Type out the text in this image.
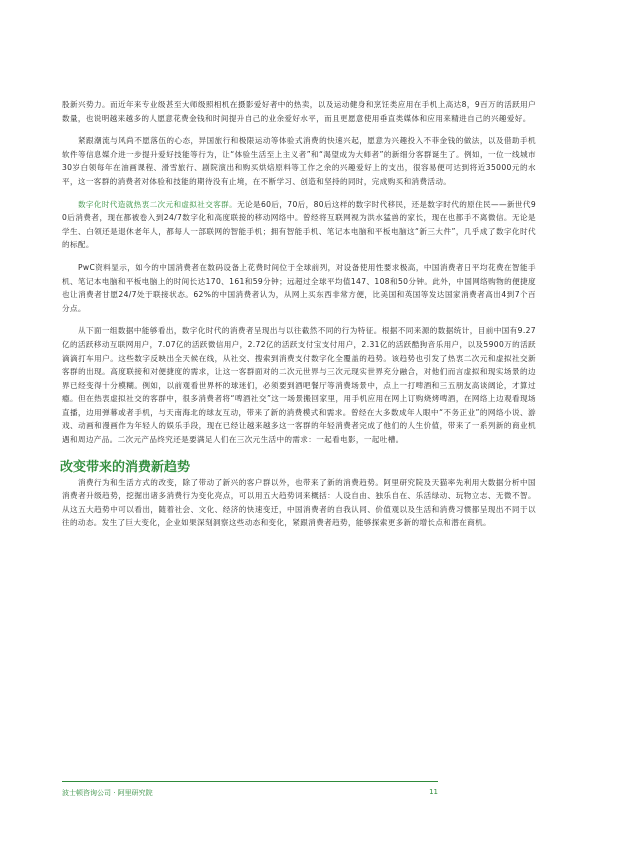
股新兴势力。而近年来专业级甚至大师级照相机在摄影爱好者中的热卖，以及运动健身和烹饪类应用在手机上高达8，9百万的活跃用户数量，也说明越来越多的人愿意花费金钱和时间提升自己的业余爱好水平，而且更愿意使用垂直类媒体和应用来精进自己的兴趣爱好。

紧跟潮流与风尚不愿落伍的心态，异国旅行和极限运动等体验式消费的快速兴起，愿意为兴趣投入不菲金钱的做法，以及借助手机软件等信息媒介进一步提升爱好技能等行为，让“体验生活至上主义者”和“渴望成为大师者”的新细分客群诞生了。例如，一位一线城市30岁白领每年在油画课程、滑雪旅行、剧院演出和购买烘焙原料等工作之余的兴趣爱好上的支出，很容易便可达到将近35000元的水平，这一客群的消费者对体验和技能的期待没有止境，在不断学习、创造和坚持的同时，完成购买和消费活动。

数字化时代造就热衷二次元和虚拟社交客群。无论是60后，70后，80后这样的数字时代移民，还是数字时代的原住民——新世代90后消费者，现在都被卷入到24/7数字化和高度联接的移动网络中。曾经将互联网视为洪水猛兽的家长，现在也都手不离微信。无论是学生、白领还是退休老年人，都每人一部联网的智能手机；拥有智能手机、笔记本电脑和平板电脑这“新三大件”，几乎成了数字化时代的标配。

PwC资料显示，如今的中国消费者在数码设备上花费时间位于全球前列，对设备使用性要求极高，中国消费者日平均花费在智能手机、笔记本电脑和平板电脑上的时间长达170、161和59分钟；远超过全球平均值147、108和50分钟。此外，中国网络购物的便捷度也让消费者甘愿24/7处于联接状态。62%的中国消费者认为，从网上买东西非常方便，比美国和英国等发达国家消费者高出4到7个百分点。

从下面一组数据中能够看出，数字化时代的消费者呈现出与以往截然不同的行为特征。根据不同来源的数据统计，目前中国有9.27亿的活跃移动互联网用户，7.07亿的活跃微信用户，2.72亿的活跃支付宝支付用户，2.31亿的活跃酷狗音乐用户，以及5900万的活跃滴滴打车用户。这些数字反映出全天候在线，从社交、搜索到消费支付数字化全覆盖的趋势。该趋势也引发了热衷二次元和虚拟社交新客群的出现。高度联接和对便捷度的需求，让这一客群面对的二次元世界与三次元现实世界充分融合，对他们而言虚拟和现实场景的边界已经变得十分模糊。例如，以前观看世界杯的球迷们，必须要到酒吧餐厅等消费场景中，点上一打啤酒和三五朋友高谈阔论，才算过瘾。但在热衷虚拟社交的客群中，很多消费者将“啤酒社交”这一场景搬回家里，用手机应用在网上订购烧烤啤酒，在网络上边观看现场直播，边用弹幕或者手机，与天南海北的球友互动，带来了新的消费模式和需求。曾经在大多数成年人眼中“不务正业”的网络小说、游戏、动画和漫画作为年轻人的娱乐手段，现在已经让越来越多这一客群的年轻消费者完成了他们的人生价值，带来了一系列新的商业机遇和周边产品。二次元产品终究还是要满足人们在三次元生活中的需求：一起看电影，一起吐槽。

改变带来的消费新趋势

消费行为和生活方式的改变，除了带动了新兴的客户群以外，也带来了新的消费趋势。阿里研究院及天猫率先利用大数据分析中国消费者升级趋势，挖掘出诸多消费行为变化亮点，可以用五大趋势词来概括：人设自由、独乐自在、乐活绿动、玩物立志、无微不智。从这五大趋势中可以看出，随着社会、文化、经济的快速变迁，中国消费者的自我认同、价值观以及生活和消费习惯都呈现出不同于以往的动态。发生了巨大变化，企业如果深刻洞察这些动态和变化，紧跟消费者趋势，能够探索更多新的增长点和潜在商机。

波士顿咨询公司 · 阿里研究院	11
